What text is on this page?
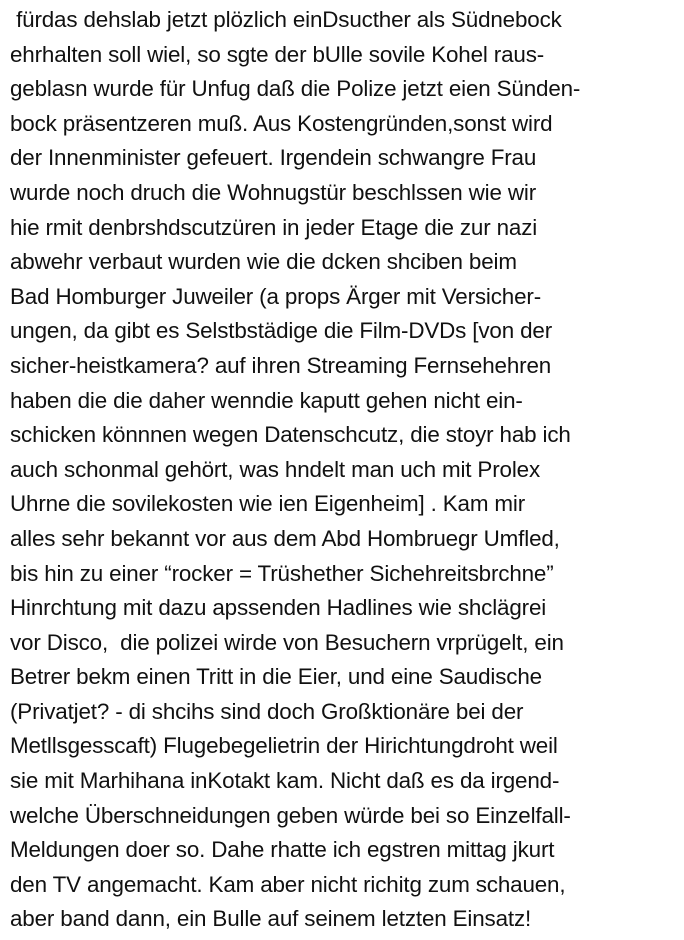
fürdas dehslab jetzt plözlich einDsucther als Südnebock
ehrhalten soll wiel, so sgte der bUlle sovile Kohel raus-
geblasn wurde für Unfug daß die Polize jetzt eien Sünden-
bock präsentzeren muß. Aus Kostengründen,sonst wird
der Innenminister gefeuert. Irgendein schwangre Frau
wurde noch druch die Wohnugstür beschlssen wie wir
hie rmit denbrshdscutzüren in jeder Etage die zur nazi
abwehr verbaut wurden wie die dcken shciben beim
Bad Homburger Juweiler (a props Ärger mit Versicher-
ungen, da gibt es Selstbstädige die Film-DVDs [von der
sicher-heistkamera? auf ihren Streaming Fernsehehren
haben die die daher wenndie kaputt gehen nicht ein-
schicken könnnen wegen Datenschcutz, die stoyr hab ich
auch schonmal gehört, was hndelt man uch mit Prolex
Uhrne die sovilekosten wie ien Eigenheim] . Kam mir
alles sehr bekannt vor aus dem Abd Hombruegr Umfled,
bis hin zu einer “rocker = Trüshether Sichehreitsbrchne”
Hinrchtung mit dazu apssenden Hadlines wie shclägrei
vor Disco,  die polizei wirde von Besuchern vrprügelt, ein
Betrer bekm einen Tritt in die Eier, und eine Saudische
(Privatjet? - di shcihs sind doch Großktionäre bei der
Metllsgesscaft) Flugebegelietrin der Hirichtungdroht weil
sie mit Marhihana inKotakt kam. Nicht daß es da irgend-
welche Überschneidungen geben würde bei so Einzelfall-
Meldungen doer so. Dahe rhatte ich egstren mittag jkurt
den TV angemacht. Kam aber nicht richitg zum schauen,
aber band dann, ein Bulle auf seinem letzten Einsatz!
